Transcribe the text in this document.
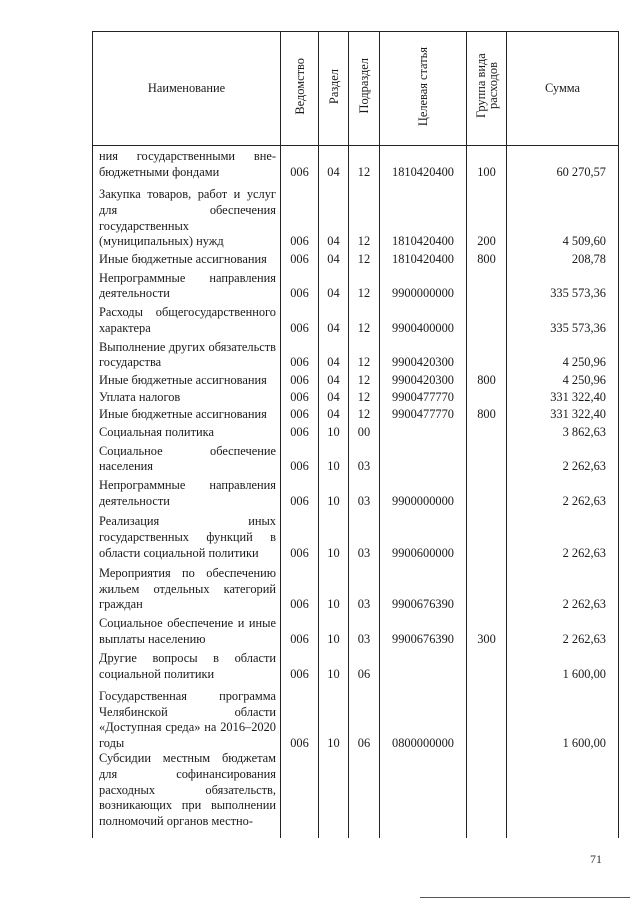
Наименование	Ведомство	Раздел	Подраздел	Целевая статья	Группа вида расходов	Сумма
ния государственными вне-бюджетными фондами	006	04	12	1810420400	100	60 270,57
Закупка товаров, работ и услуг для обеспечения государственных (муниципальных) нужд	006	04	12	1810420400	200	4 509,60
Иные бюджетные ассигнования	006	04	12	1810420400	800	208,78
Непрограммные направления деятельности	006	04	12	9900000000		335 573,36
Расходы общегосударственного характера	006	04	12	9900400000		335 573,36
Выполнение других обязательств государства	006	04	12	9900420300		4 250,96
Иные бюджетные ассигнования	006	04	12	9900420300	800	4 250,96
Уплата налогов	006	04	12	9900477770		331 322,40
Иные бюджетные ассигнования	006	04	12	9900477770	800	331 322,40
Социальная политика	006	10	00			3 862,63
Социальное обеспечение населения	006	10	03			2 262,63
Непрограммные направления деятельности	006	10	03	9900000000		2 262,63
Реализация иных государственных функций в области социальной политики	006	10	03	9900600000		2 262,63
Мероприятия по обеспечению жильем отдельных категорий граждан	006	10	03	9900676390		2 262,63
Социальное обеспечение и иные выплаты населению	006	10	03	9900676390	300	2 262,63
Другие вопросы в области социальной политики	006	10	06			1 600,00
Государственная программа Челябинской области «Доступная среда» на 2016–2020 годы	006	10	06	0800000000		1 600,00
Субсидии местным бюджетам для софинансирования расходных обязательств, возникающих при выполнении полномочий органов местно-						
71
